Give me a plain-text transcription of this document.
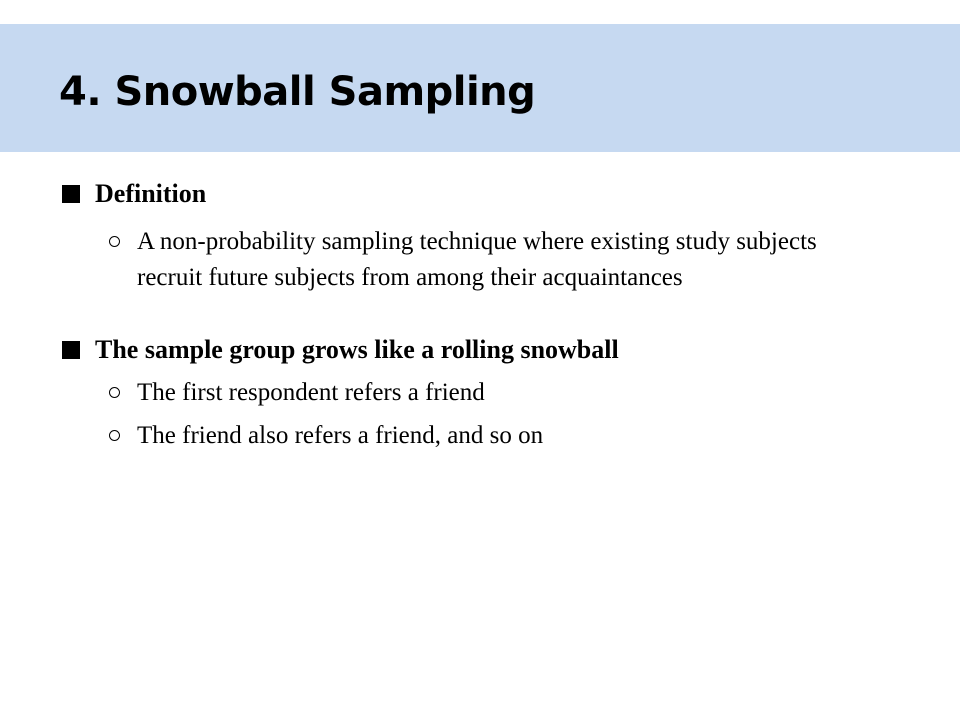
4. Snowball Sampling
Definition
A non-probability sampling technique where existing study subjects recruit future subjects from among their acquaintances
The sample group grows like a rolling snowball
The first respondent refers a friend
The friend also refers a friend, and so on
